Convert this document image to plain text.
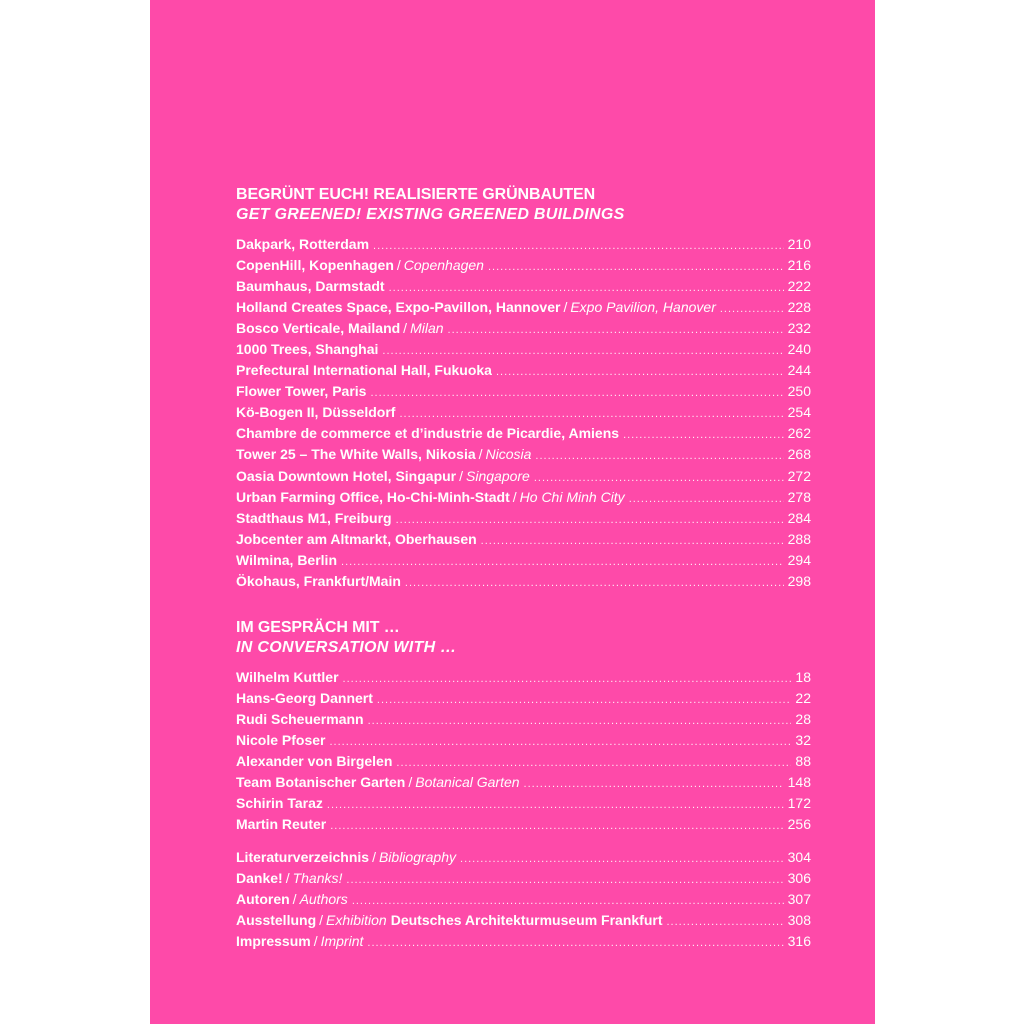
BEGRÜNT EUCH! REALISIERTE GRÜNBAUTEN
GET GREENED! EXISTING GREENED BUILDINGS
Dakpark, Rotterdam .....	210
CopenHill, Kopenhagen / Copenhagen .....	216
Baumhaus, Darmstadt .....	222
Holland Creates Space, Expo-Pavillon, Hannover / Expo Pavilion, Hanover .....	228
Bosco Verticale, Mailand / Milan .....	232
1000 Trees, Shanghai .....	240
Prefectural International Hall, Fukuoka .....	244
Flower Tower, Paris .....	250
Kö-Bogen II, Düsseldorf .....	254
Chambre de commerce et d’industrie de Picardie, Amiens .....	262
Tower 25 – The White Walls, Nikosia / Nicosia .....	268
Oasia Downtown Hotel, Singapur / Singapore .....	272
Urban Farming Office, Ho-Chi-Minh-Stadt / Ho Chi Minh City .....	278
Stadthaus M1, Freiburg .....	284
Jobcenter am Altmarkt, Oberhausen .....	288
Wilmina, Berlin .....	294
Ökohaus, Frankfurt/Main .....	298
IM GESPRÄCH MIT …
IN CONVERSATION WITH …
Wilhelm Kuttler .....	18
Hans-Georg Dannert .....	22
Rudi Scheuermann .....	28
Nicole Pfoser .....	32
Alexander von Birgelen .....	88
Team Botanischer Garten / Botanical Garten .....	148
Schirin Taraz .....	172
Martin Reuter .....	256
Literaturverzeichnis / Bibliography .....	304
Danke! / Thanks! .....	306
Autoren / Authors .....	307
Ausstellung / Exhibition Deutsches Architekturmuseum Frankfurt .....	308
Impressum / Imprint .....	316
